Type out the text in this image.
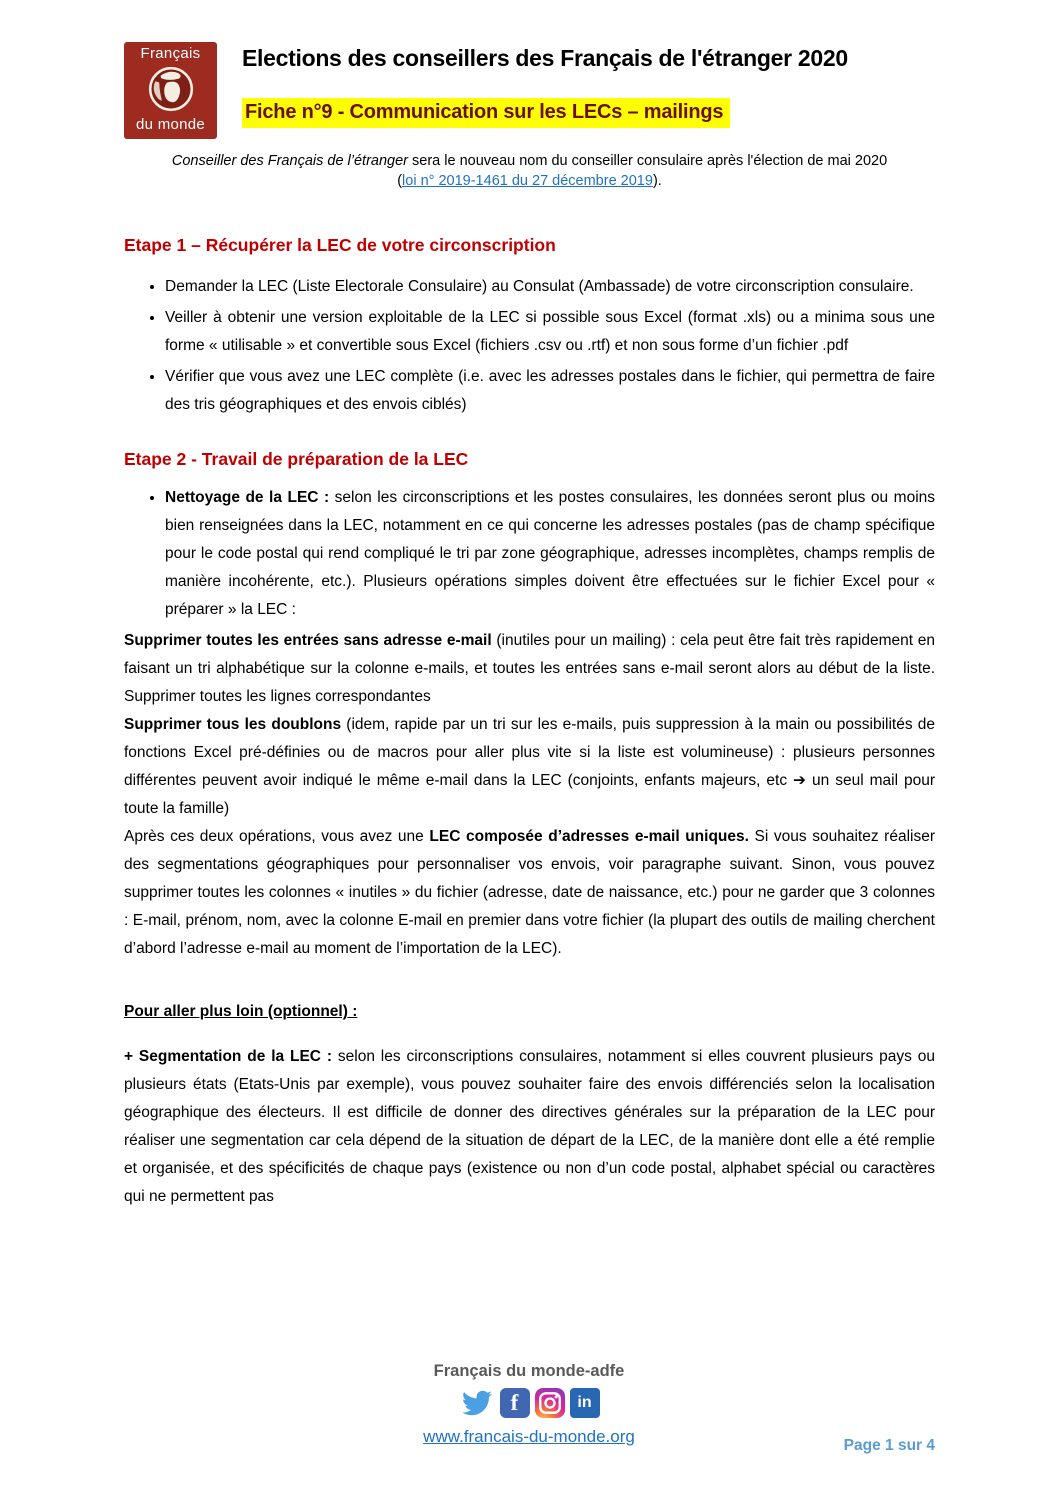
Français
du monde
Elections des conseillers des Français de l'étranger 2020
Fiche n°9 - Communication sur les LECs – mailings
Conseiller des Français de l’étranger sera le nouveau nom du conseiller consulaire après l'élection de mai 2020
(loi n° 2019-1461 du 27 décembre 2019).
Etape 1 – Récupérer la LEC de votre circonscription
• Demander la LEC (Liste Electorale Consulaire) au Consulat (Ambassade) de votre circonscription consulaire.
• Veiller à obtenir une version exploitable de la LEC si possible sous Excel (format .xls) ou a minima sous une forme « utilisable » et convertible sous Excel (fichiers .csv ou .rtf) et non sous forme d’un fichier .pdf
• Vérifier que vous avez une LEC complète (i.e. avec les adresses postales dans le fichier, qui permettra de faire des tris géographiques et des envois ciblés)
Etape 2 - Travail de préparation de la LEC
• Nettoyage de la LEC : selon les circonscriptions et les postes consulaires, les données seront plus ou moins bien renseignées dans la LEC, notamment en ce qui concerne les adresses postales (pas de champ spécifique pour le code postal qui rend compliqué le tri par zone géographique, adresses incomplètes, champs remplis de manière incohérente, etc.). Plusieurs opérations simples doivent être effectuées sur le fichier Excel pour « préparer » la LEC :

Supprimer toutes les entrées sans adresse e-mail (inutiles pour un mailing) : cela peut être fait très rapidement en faisant un tri alphabétique sur la colonne e-mails, et toutes les entrées sans e-mail seront alors au début de la liste. Supprimer toutes les lignes correspondantes

Supprimer tous les doublons (idem, rapide par un tri sur les e-mails, puis suppression à la main ou possibilités de fonctions Excel pré-définies ou de macros pour aller plus vite si la liste est volumineuse) : plusieurs personnes différentes peuvent avoir indiqué le même e-mail dans la LEC (conjoints, enfants majeurs, etc ➔ un seul mail pour toute la famille)

Après ces deux opérations, vous avez une LEC composée d’adresses e-mail uniques. Si vous souhaitez réaliser des segmentations géographiques pour personnaliser vos envois, voir paragraphe suivant. Sinon, vous pouvez supprimer toutes les colonnes « inutiles » du fichier (adresse, date de naissance, etc.) pour ne garder que 3 colonnes : E-mail, prénom, nom, avec la colonne E-mail en premier dans votre fichier (la plupart des outils de mailing cherchent d’abord l’adresse e-mail au moment de l’importation de la LEC).

Pour aller plus loin (optionnel) :

+ Segmentation de la LEC : selon les circonscriptions consulaires, notamment si elles couvrent plusieurs pays ou plusieurs états (Etats-Unis par exemple), vous pouvez souhaiter faire des envois différenciés selon la localisation géographique des électeurs. Il est difficile de donner des directives générales sur la préparation de la LEC pour réaliser une segmentation car cela dépend de la situation de départ de la LEC, de la manière dont elle a été remplie et organisée, et des spécificités de chaque pays (existence ou non d’un code postal, alphabet spécial ou caractères qui ne permettent pas

Français du monde-adfe
f	in
www.francais-du-monde.org	Page 1 sur 4
